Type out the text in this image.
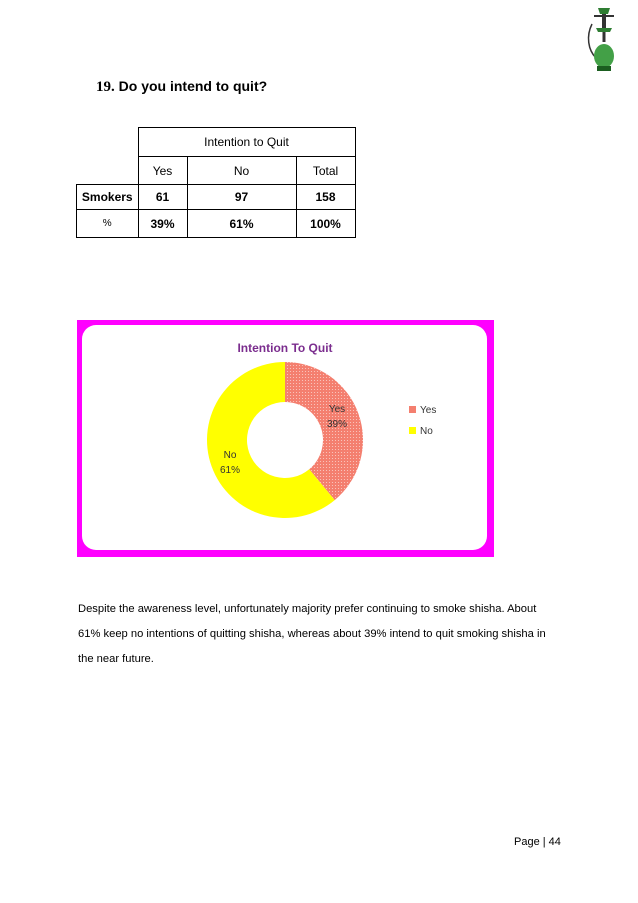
19. Do you intend to quit?
	Intention to Quit		
	Yes	No	Total
Smokers	61	97	158
%	39%	61%	100%
Intention To Quit
Yes
39%
No
61%
Yes
No
Despite the awareness level, unfortunately majority prefer continuing to smoke shisha. About 61% keep no intentions of quitting shisha, whereas about 39% intend to quit smoking shisha in the near future.
Page | 44
